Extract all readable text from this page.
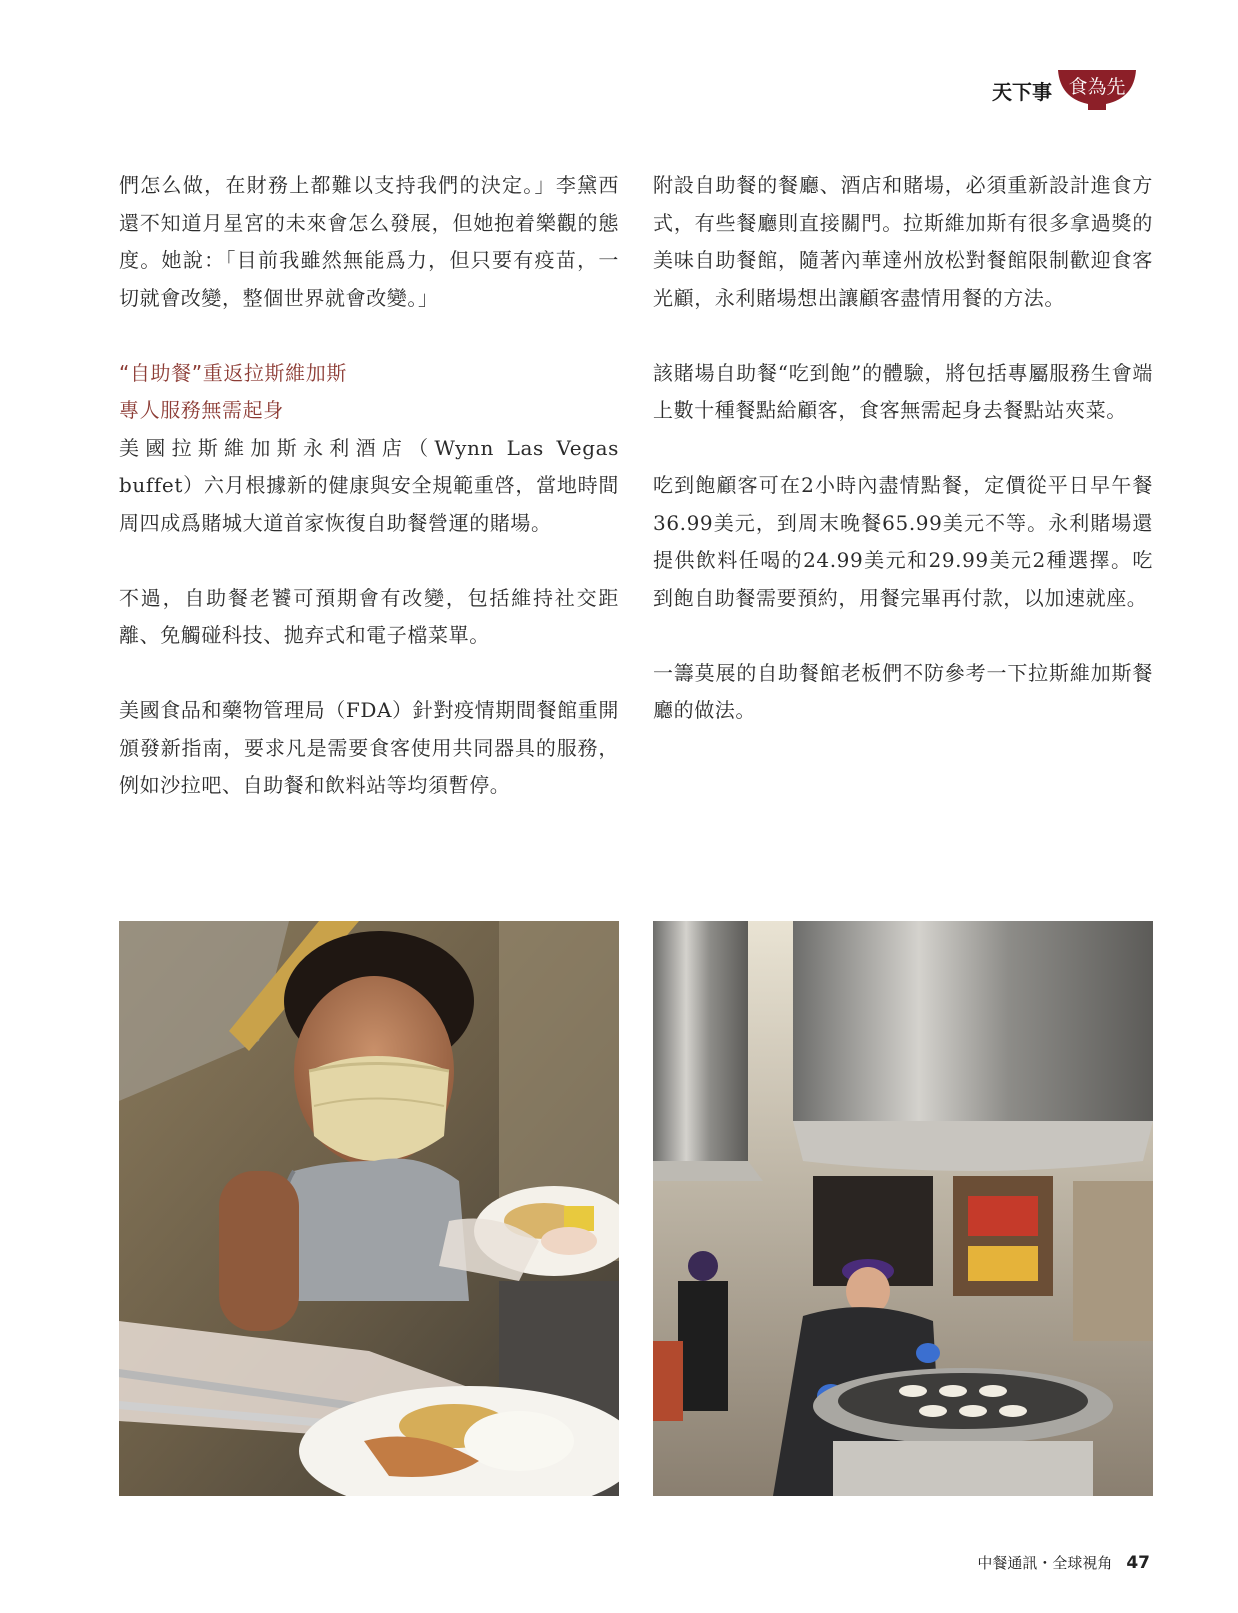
天下事 食為先

們怎么做，在財務上都難以支持我們的決定。」李黛西還不知道月星宮的未來會怎么發展，但她抱着樂觀的態度。她說：「目前我雖然無能爲力，但只要有疫苗，一切就會改變，整個世界就會改變。」

“自助餐”重返拉斯維加斯
專人服務無需起身

美國拉斯維加斯永利酒店（Wynn Las Vegas buffet）六月根據新的健康與安全規範重啓，當地時間周四成爲賭城大道首家恢復自助餐營運的賭場。

不過，自助餐老饕可預期會有改變，包括維持社交距離、免觸碰科技、拋弃式和電子檔菜單。

美國食品和藥物管理局（FDA）針對疫情期間餐館重開頒發新指南，要求凡是需要食客使用共同器具的服務，例如沙拉吧、自助餐和飲料站等均須暫停。

附設自助餐的餐廳、酒店和賭場，必須重新設計進食方式，有些餐廳則直接關門。拉斯維加斯有很多拿過獎的美味自助餐館，隨著內華達州放松對餐館限制歡迎食客光顧，永利賭場想出讓顧客盡情用餐的方法。

該賭場自助餐“吃到飽”的體驗，將包括專屬服務生會端上數十種餐點給顧客，食客無需起身去餐點站夾菜。

吃到飽顧客可在2小時內盡情點餐，定價從平日早午餐36.99美元，到周末晚餐65.99美元不等。永利賭場還提供飲料任喝的24.99美元和29.99美元2種選擇。吃到飽自助餐需要預約，用餐完畢再付款，以加速就座。

一籌莫展的自助餐館老板們不防參考一下拉斯維加斯餐廳的做法。

中餐通訊・全球視角 47
